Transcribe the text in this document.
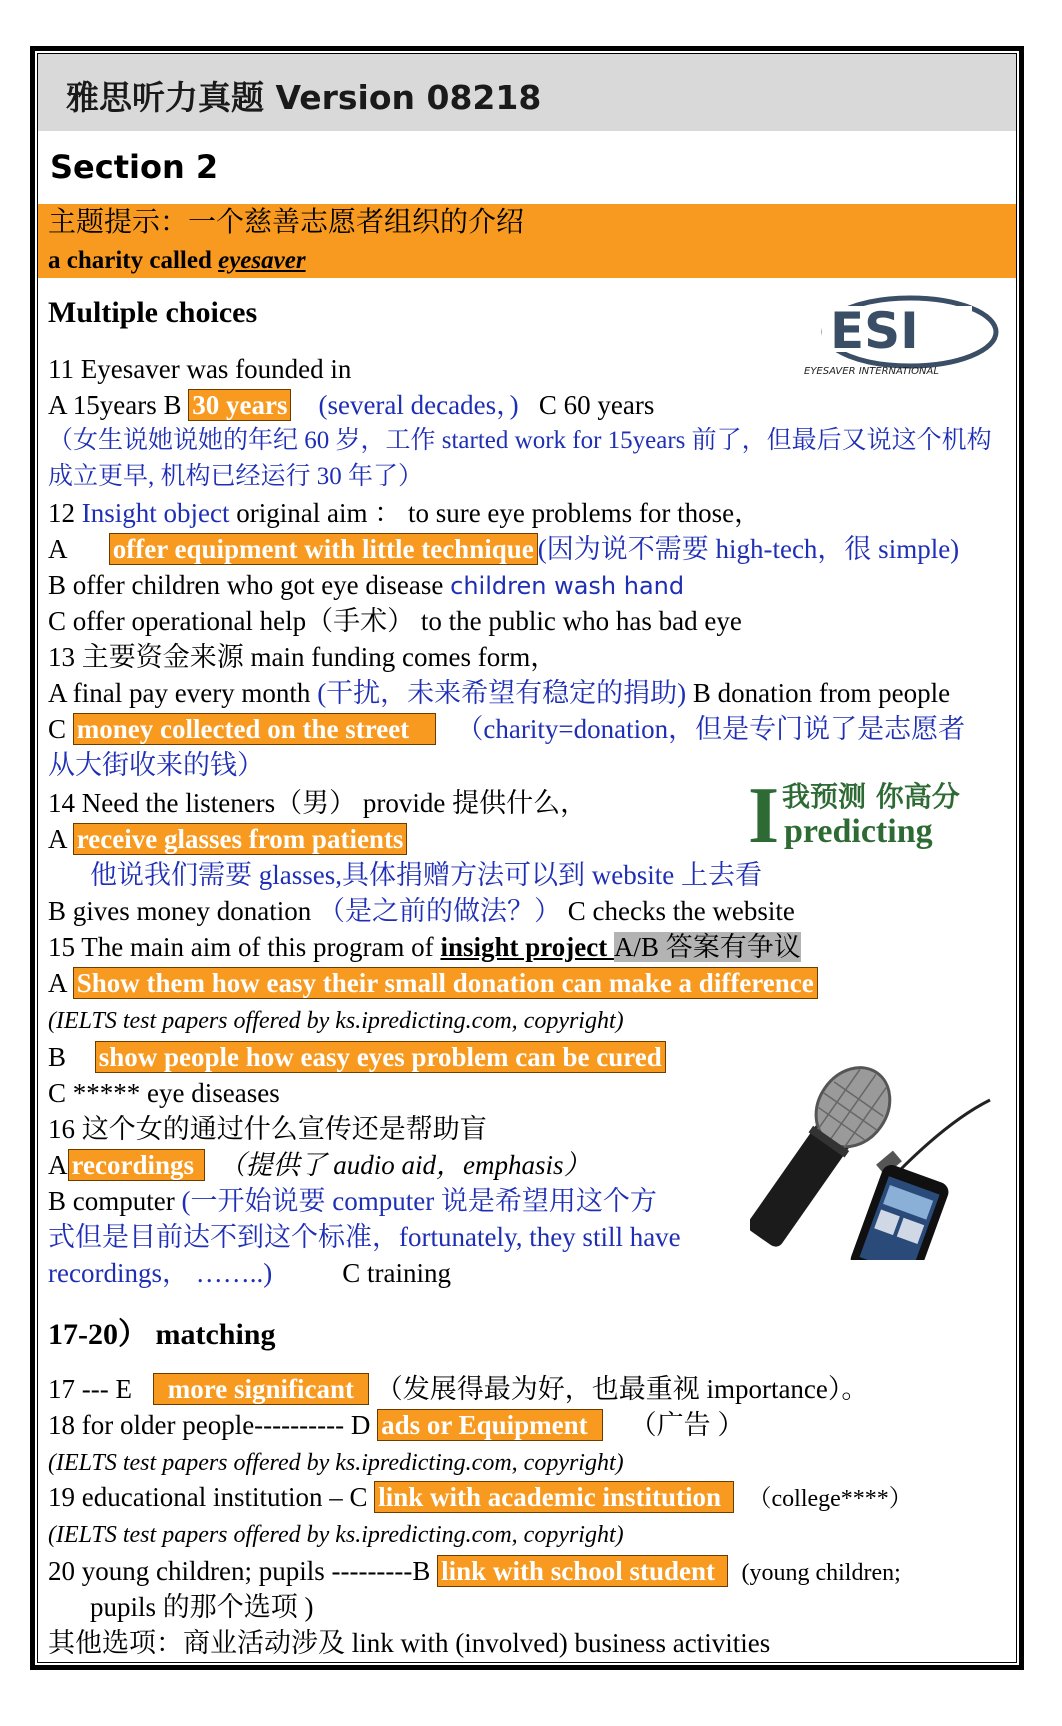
雅思听力真题 Version 08218
Section 2
主题提示：一个慈善志愿者组织的介绍
a charity called eyesaver
Multiple choices	ESI
EYESAVER INTERNATIONAL
11 Eyesaver was founded in
A 15years B 30 years (several decades，) C 60 years
（女生说她说她的年纪 60 岁，工作 started work for 15years 前了，但最后又说这个机构
成立更早, 机构已经运行 30 年了）
12 Insight object original aim ： to sure eye problems for those，
A offer equipment with little technique (因为说不需要 high-tech，很 simple)
B offer children who got eye disease children wash hand
C offer operational help（手术） to the public who has bad eye
13 主要资金来源 main funding comes form，
A final pay every month (干扰，未来希望有稳定的捐助) B donation from people
C money collected on the street （charity=donation，但是专门说了是志愿者
从大街收来的钱）
I 我预测 你高分
predicting
14 Need the listeners（男） provide 提供什么，
A receive glasses from patients
他说我们需要 glasses,具体捐赠方法可以到 website 上去看
B gives money donation （是之前的做法？） C checks the website
15 The main aim of this program of insight project A/B 答案有争议
A Show them how easy their small donation can make a difference
(IELTS test papers offered by ks.ipredicting.com, copyright)
B show people how easy eyes problem can be cured
C ***** eye diseases
16 这个女的通过什么宣传还是帮助盲
A recordings （提供了 audio aid，emphasis）
B computer (一开始说要 computer 说是希望用这个方
式但是目前达不到这个标准，fortunately, they still have
recordings， ……..)	C training
17-20） matching
17 --- E more significant （发展得最为好，也最重视 importance）。
18 for older people---------- D ads or Equipment （广告 ）
(IELTS test papers offered by ks.ipredicting.com, copyright)
19 educational institution – C link with academic institution （college****）
(IELTS test papers offered by ks.ipredicting.com, copyright)
20 young children; pupils ---------B link with school student (young children;
pupils 的那个选项 )
其他选项：商业活动涉及 link with (involved) business activities
